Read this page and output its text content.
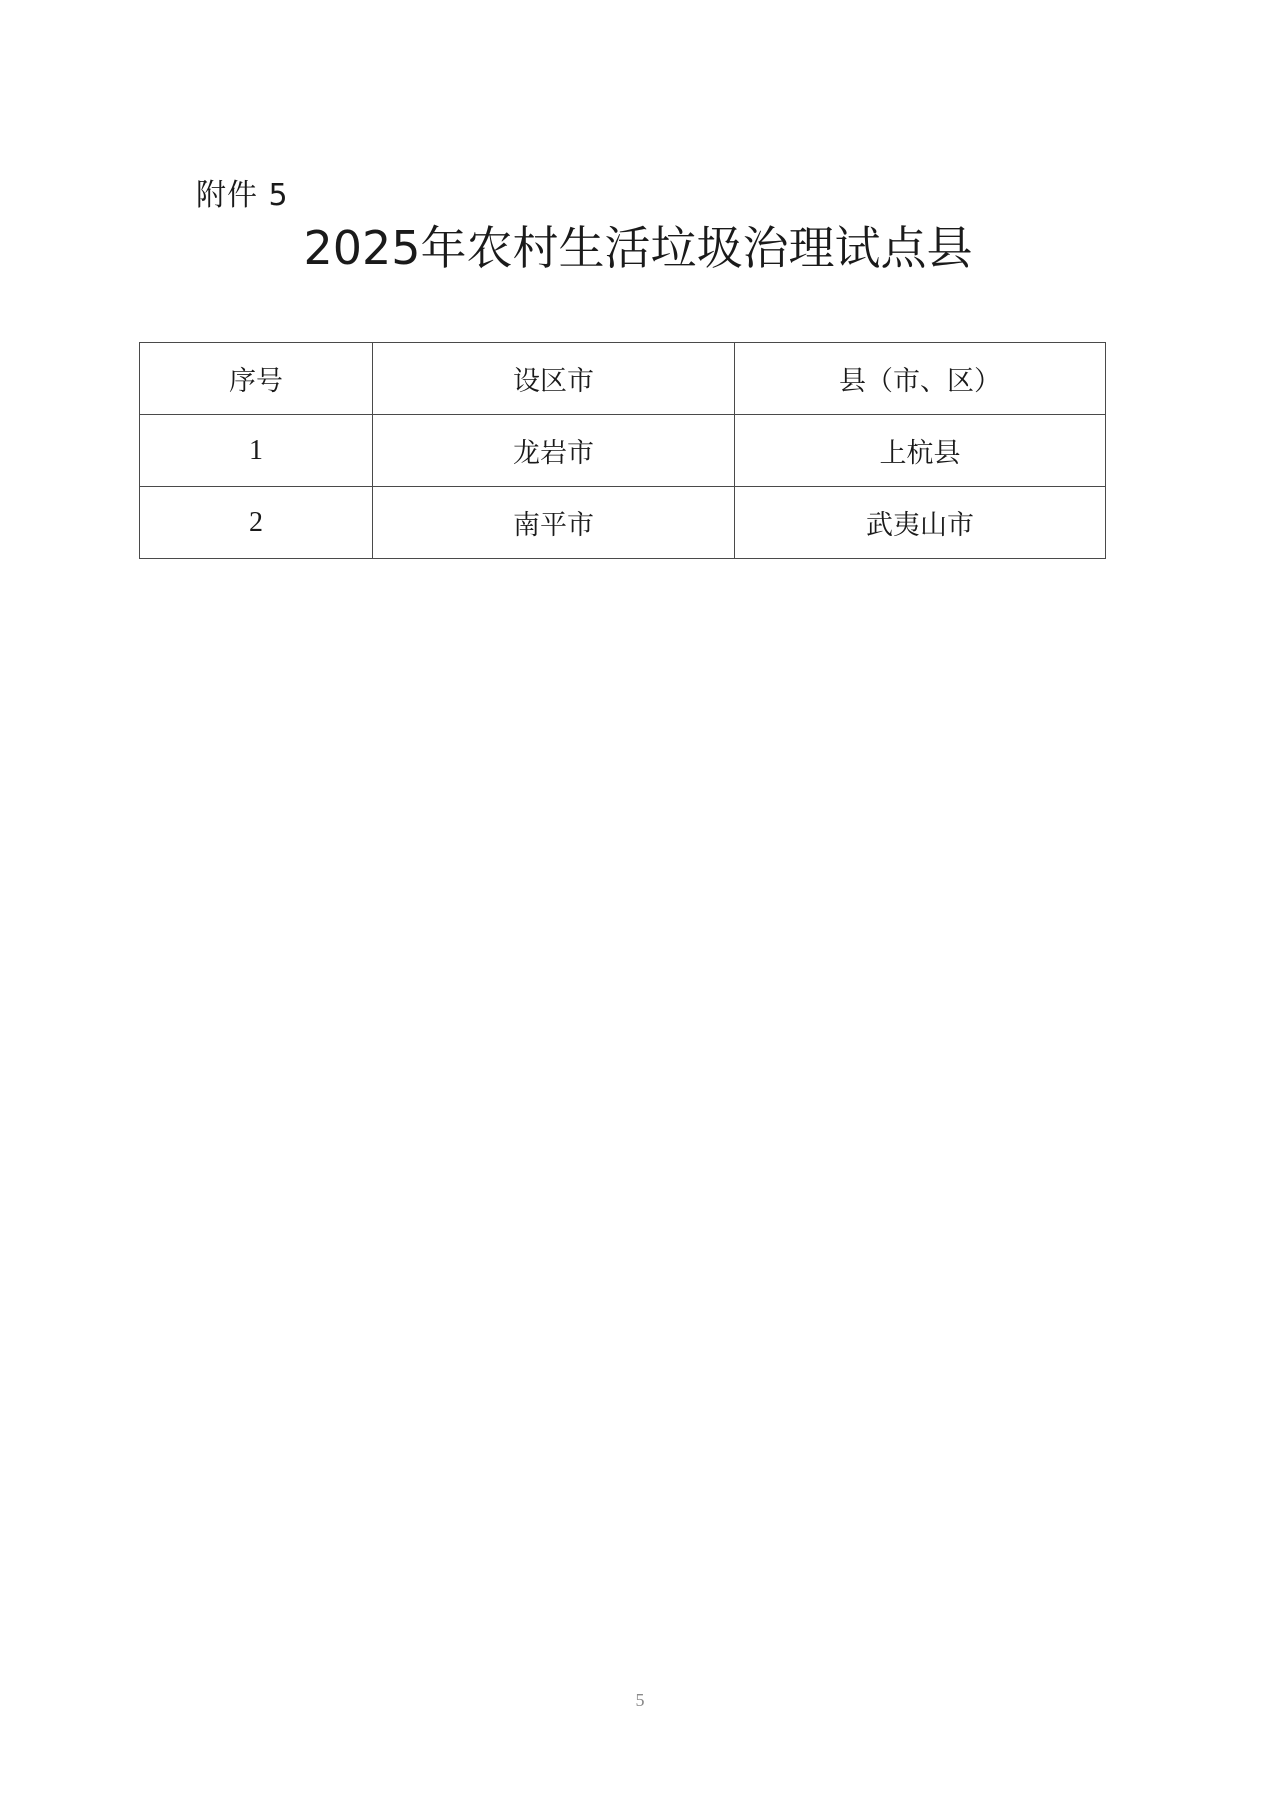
附件 5
2025年农村生活垃圾治理试点县
序号	设区市	县（市、区）
1	龙岩市	上杭县
2	南平市	武夷山市
5
